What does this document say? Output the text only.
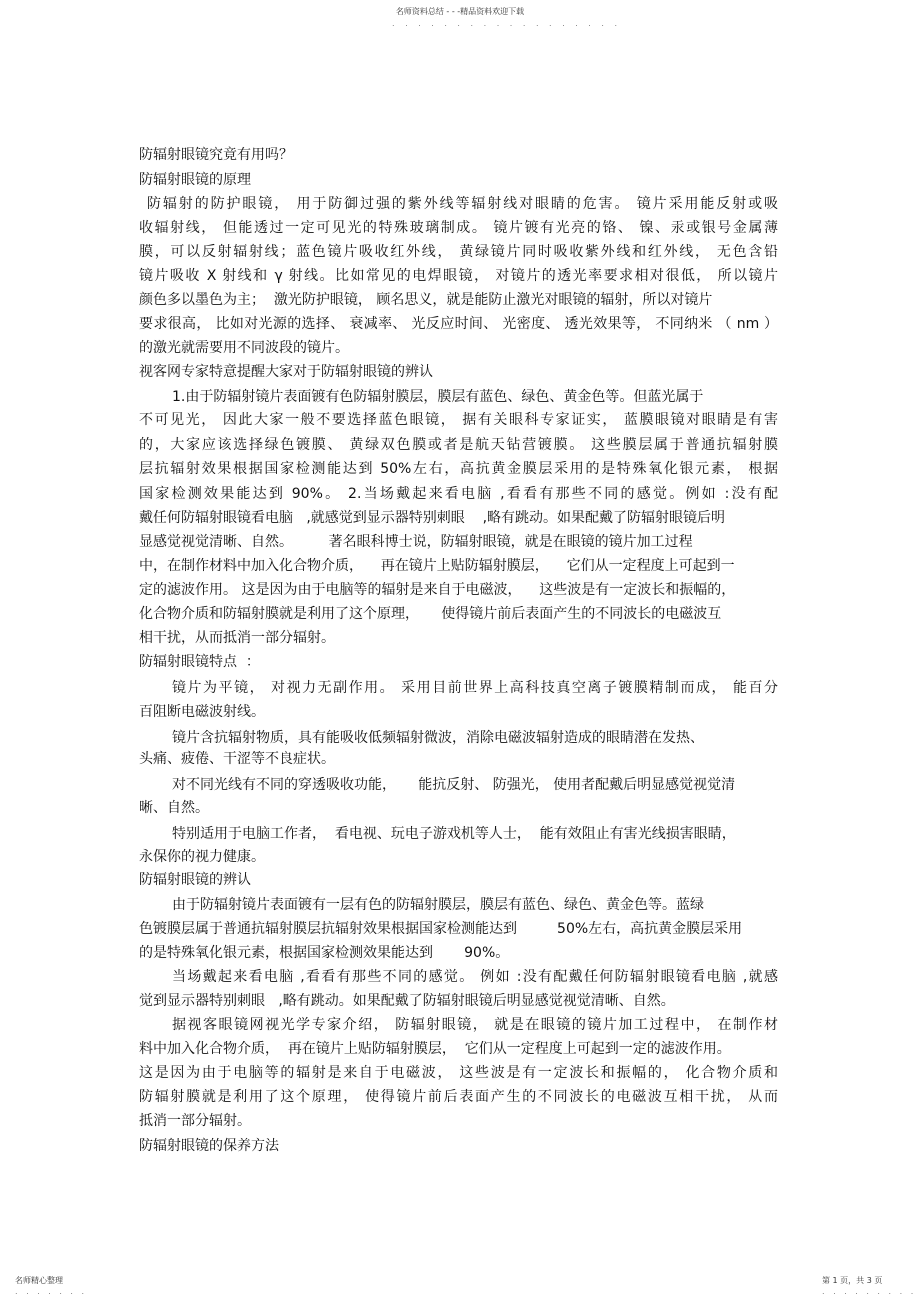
名师资料总结 - - -精品资料欢迎下载
. . . . . . . . . . . . . . . . . .
防辐射眼镜究竟有用吗？
防辐射眼镜的原理
防辐射的防护眼镜， 用于防御过强的紫外线等辐射线对眼睛的危害。 镜片采用能反射或吸
收辐射线， 但能透过一定可见光的特殊玻璃制成。 镜片镀有光亮的铬、 镍、汞或银号金属薄
膜，可以反射辐射线；蓝色镜片吸收红外线， 黄绿镜片同时吸收紫外线和红外线， 无色含铅
镜片吸收 X 射线和 γ 射线。比如常见的电焊眼镜， 对镜片的透光率要求相对很低， 所以镜片
颜色多以墨色为主；  激光防护眼镜， 顾名思义，就是能防止激光对眼镜的辐射，所以对镜片
要求很高， 比如对光源的选择、 衰减率、 光反应时间、 光密度、 透光效果等， 不同纳米 （ nm ）
的激光就需要用不同波段的镜片。
视客网专家特意提醒大家对于防辐射眼镜的辨认
1.由于防辐射镜片表面镀有色防辐射膜层，膜层有蓝色、绿色、黄金色等。但蓝光属于
不可见光， 因此大家一般不要选择蓝色眼镜， 据有关眼科专家证实， 蓝膜眼镜对眼睛是有害
的，大家应该选择绿色镀膜、 黄绿双色膜或者是航天钻营镀膜。 这些膜层属于普通抗辐射膜
层抗辐射效果根据国家检测能达到 50%左右，高抗黄金膜层采用的是特殊氧化银元素， 根据
国家检测效果能达到 90%。 2.当场戴起来看电脑 ,看看有那些不同的感觉。例如 :没有配
戴任何防辐射眼镜看电脑   ,就感觉到显示器特别刺眼    ,略有跳动。如果配戴了防辐射眼镜后明
显感觉视觉清晰、自然。        著名眼科博士说，防辐射眼镜，就是在眼镜的镜片加工过程
中，在制作材料中加入化合物介质，    再在镜片上贴防辐射膜层，    它们从一定程度上可起到一
定的滤波作用。 这是因为由于电脑等的辐射是来自于电磁波，    这些波是有一定波长和振幅的，
化合物介质和防辐射膜就是利用了这个原理，     使得镜片前后表面产生的不同波长的电磁波互
相干扰，从而抵消一部分辐射。
防辐射眼镜特点  ：
镜片为平镜， 对视力无副作用。 采用目前世界上高科技真空离子镀膜精制而成， 能百分
百阻断电磁波射线。
镜片含抗辐射物质，具有能吸收低频辐射微波，消除电磁波辐射造成的眼睛潜在发热、
头痛、疲倦、干涩等不良症状。
对不同光线有不同的穿透吸收功能，     能抗反射、 防强光， 使用者配戴后明显感觉视觉清
晰、自然。
特别适用于电脑工作者，  看电视、玩电子游戏机等人士，  能有效阻止有害光线损害眼睛，
永保你的视力健康。
防辐射眼镜的辨认
由于防辐射镜片表面镀有一层有色的防辐射膜层，膜层有蓝色、绿色、黄金色等。蓝绿
色镀膜层属于普通抗辐射膜层抗辐射效果根据国家检测能达到         50%左右，高抗黄金膜层采用
的是特殊氧化银元素，根据国家检测效果能达到       90%。
当场戴起来看电脑 ,看看有那些不同的感觉。 例如 :没有配戴任何防辐射眼镜看电脑 ,就感
觉到显示器特别刺眼   ,略有跳动。如果配戴了防辐射眼镜后明显感觉视觉清晰、自然。
据视客眼镜网视光学专家介绍， 防辐射眼镜， 就是在眼镜的镜片加工过程中， 在制作材
料中加入化合物介质，  再在镜片上贴防辐射膜层，  它们从一定程度上可起到一定的滤波作用。
这是因为由于电脑等的辐射是来自于电磁波， 这些波是有一定波长和振幅的， 化合物介质和
防辐射膜就是利用了这个原理， 使得镜片前后表面产生的不同波长的电磁波互相干扰， 从而
抵消一部分辐射。
防辐射眼镜的保养方法
名师精心整理
. . . . . . .
第 1 页，共 3 页
. . . . . . . . .
